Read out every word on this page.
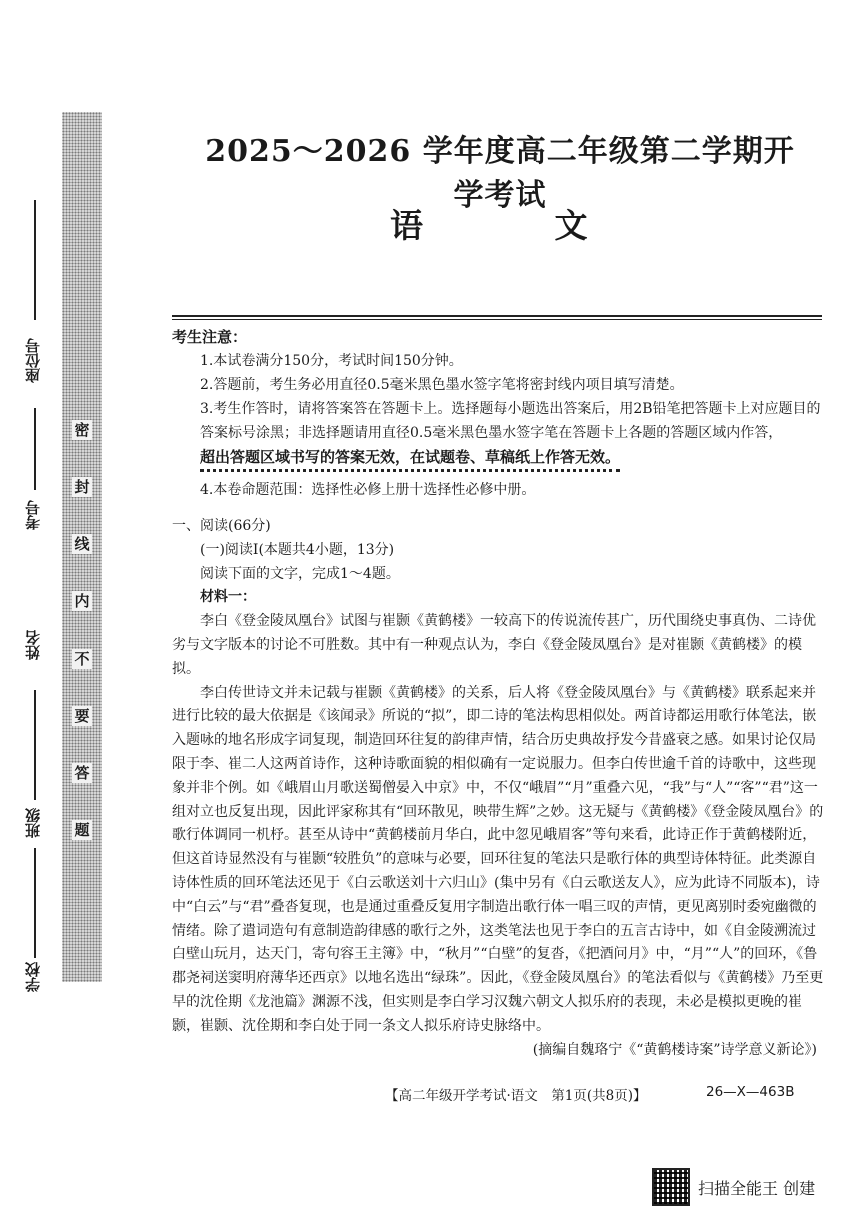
密
封
线
内
不
要
答
题
座位号
考号
姓名
班级
学校
2025～2026 学年度高二年级第二学期开学考试
语 文
考生注意：

1.本试卷满分150分，考试时间150分钟。

2.答题前，考生务必用直径0.5毫米黑色墨水签字笔将密封线内项目填写清楚。

3.考生作答时，请将答案答在答题卡上。选择题每小题选出答案后，用2B铅笔把答题卡上对应题目的答案标号涂黑；非选择题请用直径0.5毫米黑色墨水签字笔在答题卡上各题的答题区域内作答，超出答题区域书写的答案无效，在试题卷、草稿纸上作答无效。

4.本卷命题范围：选择性必修上册十选择性必修中册。

一、阅读(66分)

(一)阅读Ⅰ(本题共4小题，13分)

阅读下面的文字，完成1～4题。

材料一：

李白《登金陵凤凰台》试图与崔颢《黄鹤楼》一较高下的传说流传甚广，历代围绕史事真伪、二诗优劣与文字版本的讨论不可胜数。其中有一种观点认为，李白《登金陵凤凰台》是对崔颢《黄鹤楼》的模拟。

李白传世诗文并未记载与崔颢《黄鹤楼》的关系，后人将《登金陵凤凰台》与《黄鹤楼》联系起来并进行比较的最大依据是《该闻录》所说的“拟”，即二诗的笔法构思相似处。两首诗都运用歌行体笔法，嵌入题咏的地名形成字词复现，制造回环往复的韵律声情，结合历史典故抒发今昔盛衰之感。如果讨论仅局限于李、崔二人这两首诗作，这种诗歌面貌的相似确有一定说服力。但李白传世逾千首的诗歌中，这些现象并非个例。如《峨眉山月歌送蜀僧晏入中京》中，不仅“峨眉”“月”重叠六见，“我”与“人”“客”“君”这一组对立也反复出现，因此评家称其有“回环散见，映带生辉”之妙。这无疑与《黄鹤楼》《登金陵凤凰台》的歌行体调同一机杼。甚至从诗中“黄鹤楼前月华白，此中忽见峨眉客”等句来看，此诗正作于黄鹤楼附近，但这首诗显然没有与崔颢“较胜负”的意味与必要，回环往复的笔法只是歌行体的典型诗体特征。此类源自诗体性质的回环笔法还见于《白云歌送刘十六归山》(集中另有《白云歌送友人》，应为此诗不同版本)，诗中“白云”与“君”叠沓复现，也是通过重叠反复用字制造出歌行体一唱三叹的声情，更见离别时委宛幽微的情绪。除了遣词造句有意制造韵律感的歌行之外，这类笔法也见于李白的五言古诗中，如《自金陵溯流过白壁山玩月，达天门，寄句容王主簿》中，“秋月”“白壁”的复沓，《把酒问月》中，“月”“人”的回环，《鲁郡尧祠送窦明府薄华还西京》以地名选出“绿珠”。因此，《登金陵凤凰台》的笔法看似与《黄鹤楼》乃至更早的沈佺期《龙池篇》渊源不浅，但实则是李白学习汉魏六朝文人拟乐府的表现，未必是模拟更晚的崔颢，崔颢、沈佺期和李白处于同一条文人拟乐府诗史脉络中。

(摘编自魏珞宁《“黄鹤楼诗案”诗学意义新论》)

【高二年级开学考试·语文　第1页(共8页)】	26—X—463B
扫描全能王 创建
